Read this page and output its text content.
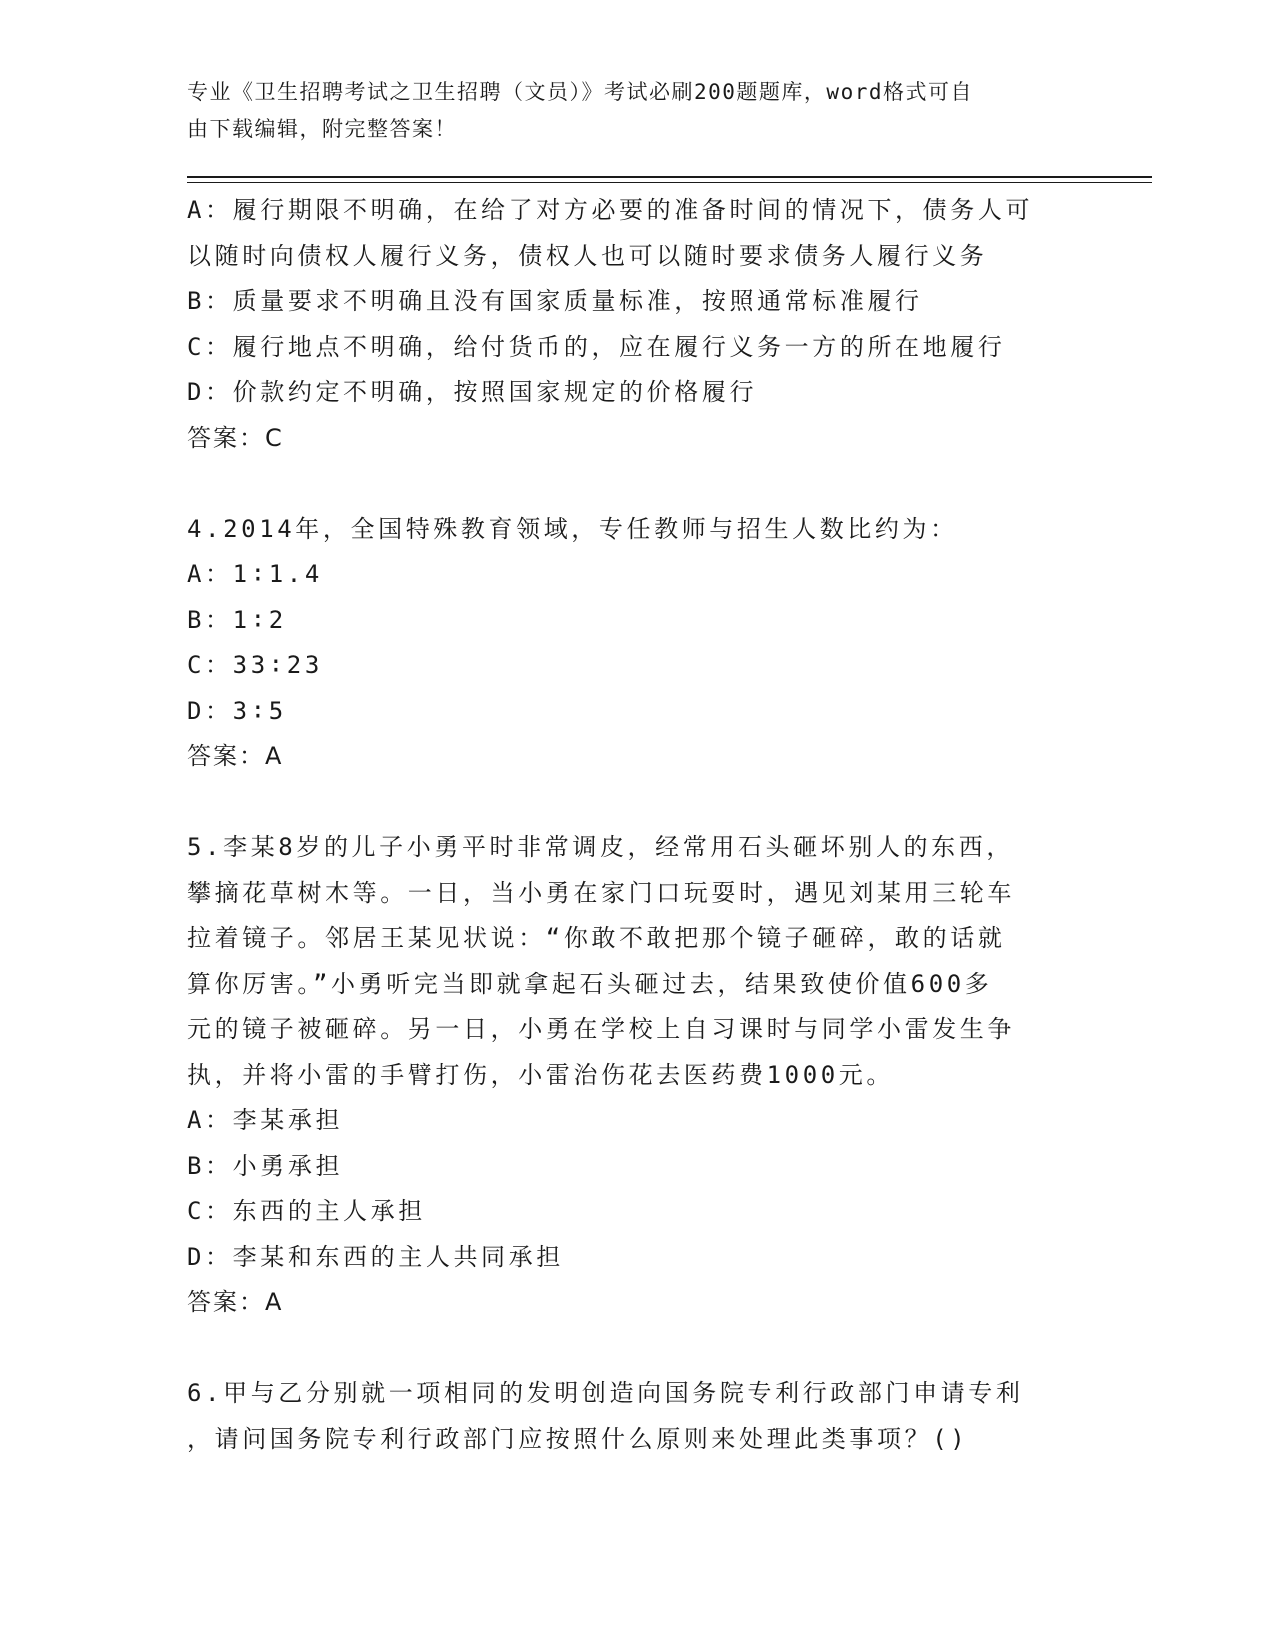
专业《卫生招聘考试之卫生招聘（文员）》考试必刷200题题库，word格式可自
由下载编辑，附完整答案！
A：履行期限不明确，在给了对方必要的准备时间的情况下，债务人可
以随时向债权人履行义务，债权人也可以随时要求债务人履行义务
B：质量要求不明确且没有国家质量标准，按照通常标准履行
C：履行地点不明确，给付货币的，应在履行义务一方的所在地履行
D：价款约定不明确，按照国家规定的价格履行
答案：C
4.2014年，全国特殊教育领域，专任教师与招生人数比约为：
A：1∶1.4
B：1∶2
C：33∶23
D：3∶5
答案：A
5.李某8岁的儿子小勇平时非常调皮，经常用石头砸坏别人的东西，
攀摘花草树木等。一日，当小勇在家门口玩耍时，遇见刘某用三轮车
拉着镜子。邻居王某见状说：“你敢不敢把那个镜子砸碎，敢的话就
算你厉害。”小勇听完当即就拿起石头砸过去，结果致使价值600多
元的镜子被砸碎。另一日，小勇在学校上自习课时与同学小雷发生争
执，并将小雷的手臂打伤，小雷治伤花去医药费1000元。
A：李某承担
B：小勇承担
C：东西的主人承担
D：李某和东西的主人共同承担
答案：A
6.甲与乙分别就一项相同的发明创造向国务院专利行政部门申请专利
，请问国务院专利行政部门应按照什么原则来处理此类事项？()
